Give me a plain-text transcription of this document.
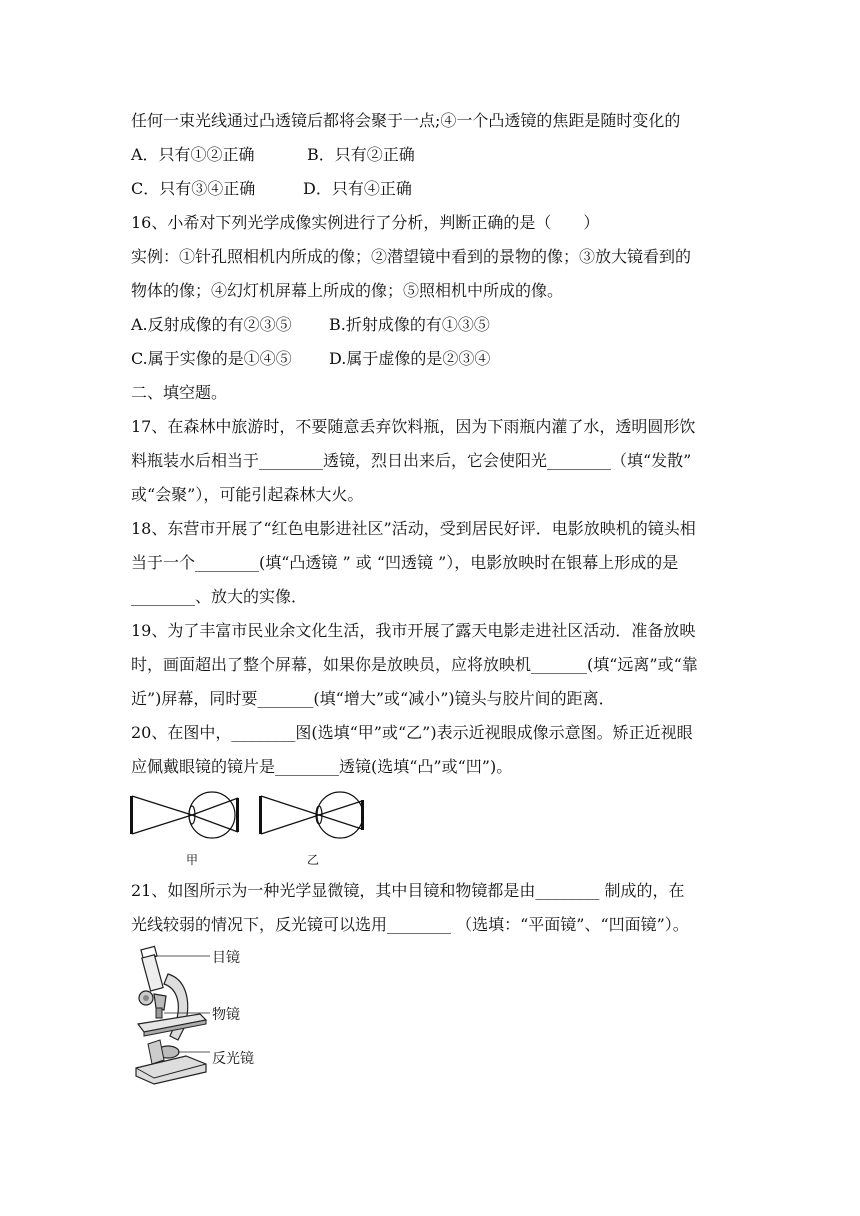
任何一束光线通过凸透镜后都将会聚于一点;④一个凸透镜的焦距是随时变化的
A．只有①②正确	B．只有②正确
C．只有③④正确	D．只有④正确
16、小希对下列光学成像实例进行了分析，判断正确的是（　　）
实例：①针孔照相机内所成的像；②潜望镜中看到的景物的像；③放大镜看到的
物体的像；④幻灯机屏幕上所成的像；⑤照相机中所成的像。
A.反射成像的有②③⑤ B.折射成像的有①③⑤
C.属于实像的是①④⑤ D.属于虚像的是②③④
二、填空题。
17、在森林中旅游时，不要随意丢弃饮料瓶，因为下雨瓶内灌了水，透明圆形饮
料瓶装水后相当于________透镜，烈日出来后，它会使阳光________（填“发散”
或“会聚”），可能引起森林大火。
18、东营市开展了“红色电影进社区”活动，受到居民好评．电影放映机的镜头相
当于一个________(填“凸透镜 ” 或 “凹透镜 ”），电影放映时在银幕上形成的是
________、放大的实像．
19、为了丰富市民业余文化生活，我市开展了露天电影走进社区活动．准备放映
时，画面超出了整个屏幕，如果你是放映员，应将放映机_______(填“远离”或“靠
近”)屏幕，同时要_______(填“增大”或“减小”)镜头与胶片间的距离．
20、在图中，________图(选填“甲”或“乙”)表示近视眼成像示意图。矫正近视眼
应佩戴眼镜的镜片是________透镜(选填“凸”或“凹”)。
甲	乙
21、如图所示为一种光学显微镜，其中目镜和物镜都是由________ 制成的，在
光线较弱的情况下，反光镜可以选用________ （选填：“平面镜”、“凹面镜”）。
目镜
物镜
反光镜
